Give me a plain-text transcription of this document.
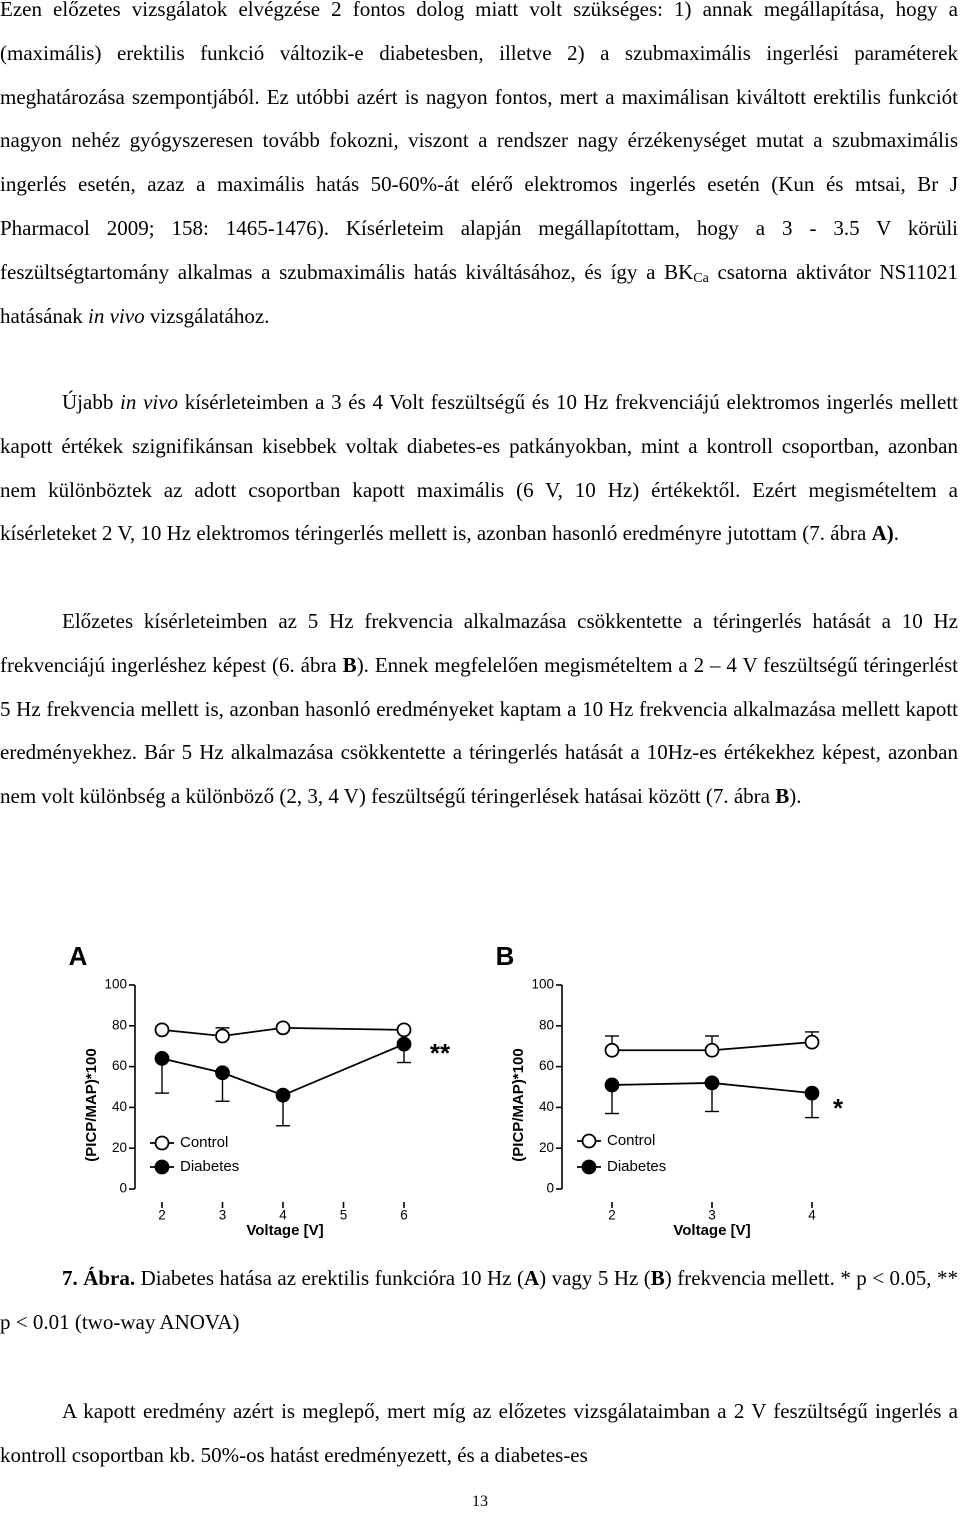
Ezen előzetes vizsgálatok elvégzése 2 fontos dolog miatt volt szükséges: 1) annak megállapítása, hogy a (maximális) erektilis funkció változik-e diabetesben, illetve 2) a szubmaximális ingerlési paraméterek meghatározása szempontjából. Ez utóbbi azért is nagyon fontos, mert a maximálisan kiváltott erektilis funkciót nagyon nehéz gyógyszeresen tovább fokozni, viszont a rendszer nagy érzékenységet mutat a szubmaximális ingerlés esetén, azaz a maximális hatás 50-60%-át elérő elektromos ingerlés esetén (Kun és mtsai, Br J Pharmacol 2009; 158: 1465-1476). Kísérleteim alapján megállapítottam, hogy a 3 - 3.5 V körüli feszültségtartomány alkalmas a szubmaximális hatás kiváltásához, és így a $BK_{Ca}$ csatorna aktivátor NS11021 hatásának in vivo vizsgálatához.

Újabb in vivo kísérleteimben a 3 és 4 Volt feszültségű és 10 Hz frekvenciájú elektromos ingerlés mellett kapott értékek szignifikánsan kisebbek voltak diabetes-es patkányokban, mint a kontroll csoportban, azonban nem különböztek az adott csoportban kapott maximális (6 V, 10 Hz) értékektől. Ezért megismételtem a kísérleteket 2 V, 10 Hz elektromos téringerlés mellett is, azonban hasonló eredményre jutottam (7. ábra A).

Előzetes kísérleteimben az 5 Hz frekvencia alkalmazása csökkentette a téringerlés hatását a 10 Hz frekvenciájú ingerléshez képest (6. ábra B). Ennek megfelelően megismételtem a 2 – 4 V feszültségű téringerlést 5 Hz frekvencia mellett is, azonban hasonló eredményeket kaptam a 10 Hz frekvencia alkalmazása mellett kapott eredményekhez. Bár 5 Hz alkalmazása csökkentette a téringerlés hatását a 10Hz-es értékekhez képest, azonban nem volt különbség a különböző (2, 3, 4 V) feszültségű téringerlések hatásai között (7. ábra B).

A
0
20
40
60
80
100
(PICP/MAP)*100
2	3	4	5	6
Voltage [V]
Control
Diabetes
**
B
0
20
40
60
80
100
(PICP/MAP)*100
2	3	4
Voltage [V]
Control
Diabetes
*

7. Ábra. Diabetes hatása az erektilis funkcióra 10 Hz (A) vagy 5 Hz (B) frekvencia mellett. * p < 0.05, ** p < 0.01 (two-way ANOVA)

A kapott eredmény azért is meglepő, mert míg az előzetes vizsgálataimban a 2 V feszültségű ingerlés a kontroll csoportban kb. 50%-os hatást eredményezett, és a diabetes-es

13
